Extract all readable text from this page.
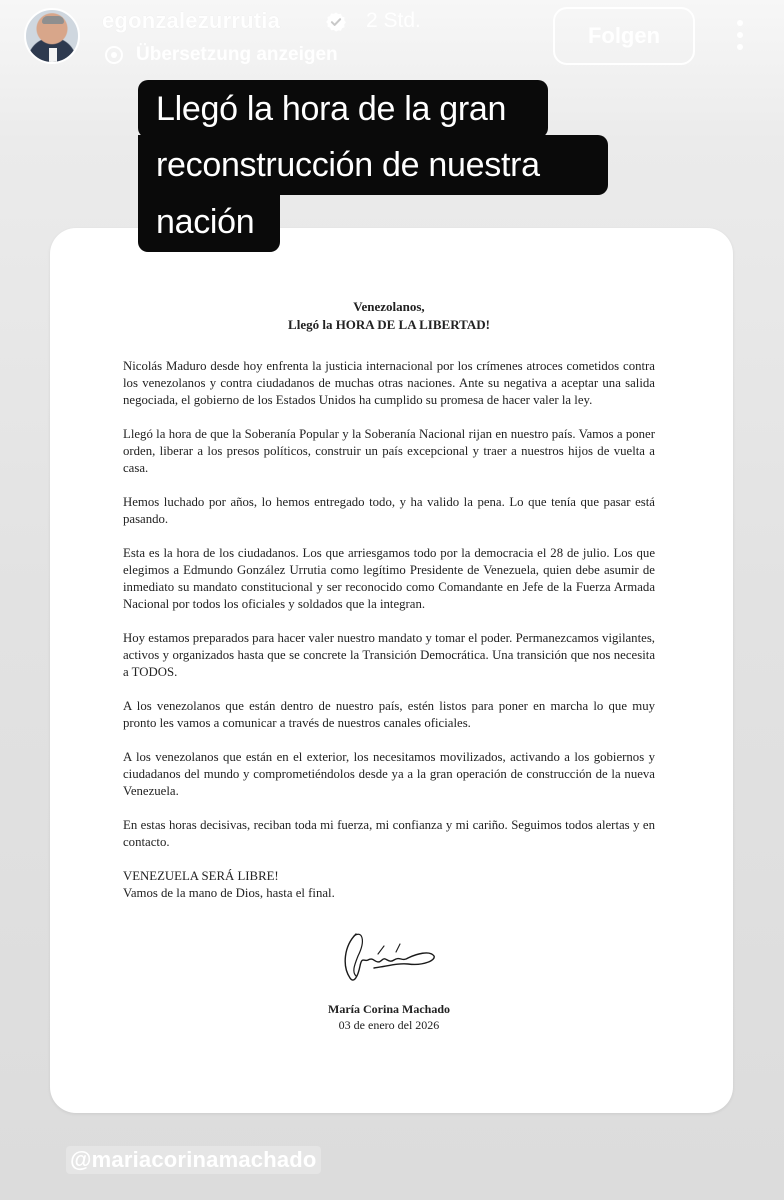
egonzalezurrutia	2 Std.
Übersetzung anzeigen
Folgen
Venezolanos,
Llegó la HORA DE LA LIBERTAD!

Nicolás Maduro desde hoy enfrenta la justicia internacional por los crímenes atroces cometidos contra los venezolanos y contra ciudadanos de muchas otras naciones. Ante su negativa a aceptar una salida negociada, el gobierno de los Estados Unidos ha cumplido su promesa de hacer valer la ley.

Llegó la hora de que la Soberanía Popular y la Soberanía Nacional rijan en nuestro país. Vamos a poner orden, liberar a los presos políticos, construir un país excepcional y traer a nuestros hijos de vuelta a casa.

Hemos luchado por años, lo hemos entregado todo, y ha valido la pena. Lo que tenía que pasar está pasando.

Esta es la hora de los ciudadanos. Los que arriesgamos todo por la democracia el 28 de julio. Los que elegimos a Edmundo González Urrutia como legítimo Presidente de Venezuela, quien debe asumir de inmediato su mandato constitucional y ser reconocido como Comandante en Jefe de la Fuerza Armada Nacional por todos los oficiales y soldados que la integran.

Hoy estamos preparados para hacer valer nuestro mandato y tomar el poder. Permanezcamos vigilantes, activos y organizados hasta que se concrete la Transición Democrática. Una transición que nos necesita a TODOS.

A los venezolanos que están dentro de nuestro país, estén listos para poner en marcha lo que muy pronto les vamos a comunicar a través de nuestros canales oficiales.

A los venezolanos que están en el exterior, los necesitamos movilizados, activando a los gobiernos y ciudadanos del mundo y comprometiéndolos desde ya a la gran operación de construcción de la nueva Venezuela.

En estas horas decisivas, reciban toda mi fuerza, mi confianza y mi cariño. Seguimos todos alertas y en contacto.

VENEZUELA SERÁ LIBRE!
Vamos de la mano de Dios, hasta el final.
María Corina Machado
03 de enero del 2026
Llegó la hora de la gran
reconstrucción de nuestra
nación
@mariacorinamachado
